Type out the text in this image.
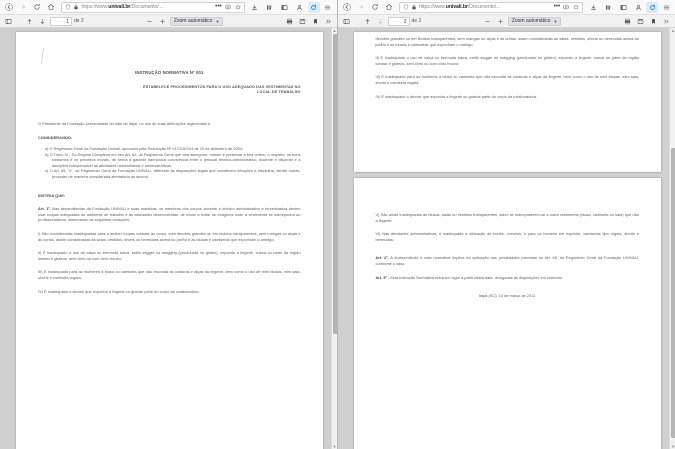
https://www.univali.br/Documento/...	•••
1	de 2	Zoom automático ▼

INSTRUÇÃO NORMATIVA Nº 001

ESTABELECE PROCEDIMENTOS PARA O USO ADEQUADO DAS VESTIMENTAS NO LOCAL DE TRABALHO

O Presidente da Fundação Universidade do Vale do Itajaí, no uso de suas atribuições regimentais e,

CONSIDERANDO:

a) O Regimento Geral da Fundação Univali, aprovado pela Resolução Nº 017/CAS/04 de 20 de setembro de 2004;

b) O Título IV - Do Regime Disciplinar em seu Art. 62, do Regimento Geral que visa assegurar, manter e preservar a boa ordem, o respeito, os bons costumes e os preceitos morais, de forma a garantir harmônica convivência entre o pessoal técnico-administrativo, docente e discente e a disciplina indispensável às atividades universitárias e administrativas;

c) O Art. 65, "e", do Regimento Geral da Fundação UNIVALI, referente às disposições legais que constituem infrações à disciplina, dentre outras, proceder de maneira considerada atentatória ao decoro.

INSTRUI QUE:

Art. 1º. Nas dependências da Fundação UNIVALI e suas mantidas, os membros dos corpos docente e técnico administrativo e terceirizados devem usar roupas adequadas ao ambiente de trabalho e às atividades desenvolvidas, de modo a evitar os exageros onde a vestimenta se sobreponha ao profissionalismo, observando as seguintes vedações:

I) São consideradas inadequadas para a mulher roupas coladas ao corpo, com decotes grandes ou em tecidos transparentes, sem mangas ou alças e às curtas, assim consideradas as saias, vestidos, shorts ou bermudas acima do joelho e as blusas e camisetas que exponham o umbigo;

II) É inadequado o uso de calça ou bermuda baixa, estilo sagger ou swigging (pendurada no glúteo), expondo a lingerie, cueca ou parte da região lombar e glúteos, sem cinto ou com cinto frouxo;

III) É inadequado para as mulheres a blusa ou camiseta que não esconda as costuras e alças da lingerie, bem como o uso de mini blusas, mini saia, shorts e camiseta regata;

IV) É inadequado o decote que exponha a lingerie ou grande parte do corpo da colaboradora.

▲
▼
https://www.univali.br/Documento/...	•••
2	de 2	Zoom automático ▼

decotes grandes ou em tecidos transparentes, sem mangas ou alças e às curtas, assim consideradas as saias, vestidos, shorts ou bermudas acima do joelho e as blusas e camisetas que exponham o umbigo;

II) É inadequado o uso de calça ou bermuda baixa, estilo sagger ou swigging (pendurada no glúteo), expondo a lingerie, cueca ou parte da região lombar e glúteos, sem cinto ou com cinto frouxo;

III) É inadequado para as mulheres a blusa ou camiseta que não esconda as costuras e alças da lingerie, bem como o uso de mini blusas, mini saia, shorts e camiseta regata;

IV) É inadequado o decote que exponha a lingerie ou grande parte do corpo da colaboradora.

V) São ainda inadequadas as blusas, saias ou vestidos transparentes, salvo se sobrepuserem-se a outra vestimenta (blusa, camiseta ou saia) que não a lingerie;

VI) Nas atividades administrativas, é inadequada a utilização de bonés, chinelos, e para os homens em especial, camisetas tipo regata, shorts e bermudas;

Art. 2º. A inobservância à esta normativa implica na aplicação das penalidades previstas no Art. 66. do Regimento Geral da Fundação UNIVALI, conforme o caso.

Art. 3º - Esta Instrução Normativa entra em vigor a partir desta data, revogadas as disposições em contrário.

Itajaí (SC), 14 de março de 2012

▲
▼
